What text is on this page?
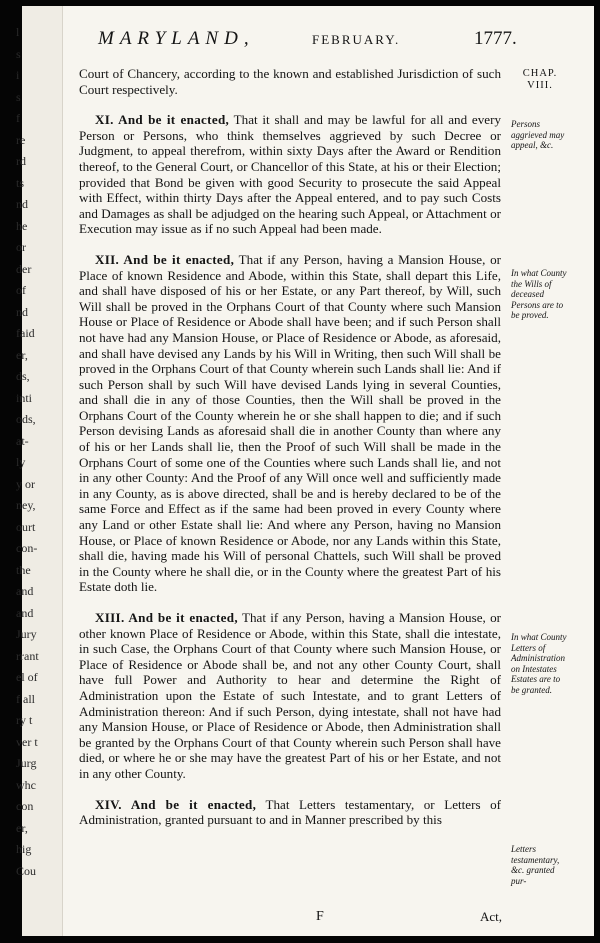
l
s
i
s
f
re
rd
ts
nd
he
or
der
of
nd
faid
er,
ds,
inti
ods,
at-
ly
y or
ney,
ourt
con-
the
and
and
Jury
rrant
el of
f all
ry t
ver t
Jurg
whc
con
er,
hig
Cou
MARYLAND,	FEBRUARY.	1777.

Court of Chancery, according to the known and established Jurisdiction of such Court respectively.

XI. And be it enacted, That it shall and may be lawful for all and every Person or Persons, who think themselves aggrieved by such Decree or Judgment, to appeal therefrom, within sixty Days after the Award or Rendition thereof, to the General Court, or Chancellor of this State, at his or their Election; provided that Bond be given with good Security to prosecute the said Appeal with Effect, within thirty Days after the Appeal entered, and to pay such Costs and Damages as shall be adjudged on the hearing such Appeal, or Attachment or Execution may issue as if no such Appeal had been made.

XII. And be it enacted, That if any Person, having a Mansion House, or Place of known Residence and Abode, within this State, shall depart this Life, and shall have disposed of his or her Estate, or any Part thereof, by Will, such Will shall be proved in the Orphans Court of that County where such Mansion House or Place of Residence or Abode shall have been; and if such Person shall not have had any Mansion House, or Place of Residence or Abode, as aforesaid, and shall have devised any Lands by his Will in Writing, then such Will shall be proved in the Orphans Court of that County wherein such Lands shall lie: And if such Person shall by such Will have devised Lands lying in several Counties, and shall die in any of those Counties, then the Will shall be proved in the Orphans Court of the County wherein he or she shall happen to die; and if such Person devising Lands as aforesaid shall die in another County than where any of his or her Lands shall lie, then the Proof of such Will shall be made in the Orphans Court of some one of the Counties where such Lands shall lie, and not in any other County: And the Proof of any Will once well and sufficiently made in any County, as is above directed, shall be and is hereby declared to be of the same Force and Effect as if the same had been proved in every County where any Land or other Estate shall lie: And where any Person, having no Mansion House, or Place of known Residence or Abode, nor any Lands within this State, shall die, having made his Will of personal Chattels, such Will shall be proved in the County where he shall die, or in the County where the greatest Part of his Estate doth lie.

XIII. And be it enacted, That if any Person, having a Mansion House, or other known Place of Residence or Abode, within this State, shall die intestate, in such Case, the Orphans Court of that County where such Mansion House, or Place of Residence or Abode shall be, and not any other County Court, shall have full Power and Authority to hear and determine the Right of Administration upon the Estate of such Intestate, and to grant Letters of Administration thereon: And if such Person, dying intestate, shall not have had any Mansion House, or Place of Residence or Abode, then Administration shall be granted by the Orphans Court of that County wherein such Person shall have died, or where he or she may have the greatest Part of his or her Estate, and not in any other County.

XIV. And be it enacted, That Letters testamentary, or Letters of Administration, granted pursuant to and in Manner prescribed by this

CHAP.
VIII.
Persons aggrieved may appeal, &c.
In what County the Wills of deceased Persons are to be proved.
In what County Letters of Administration on Intestates Estates are to be granted.
Letters testamentary, &c. granted pur-
F	Act,
